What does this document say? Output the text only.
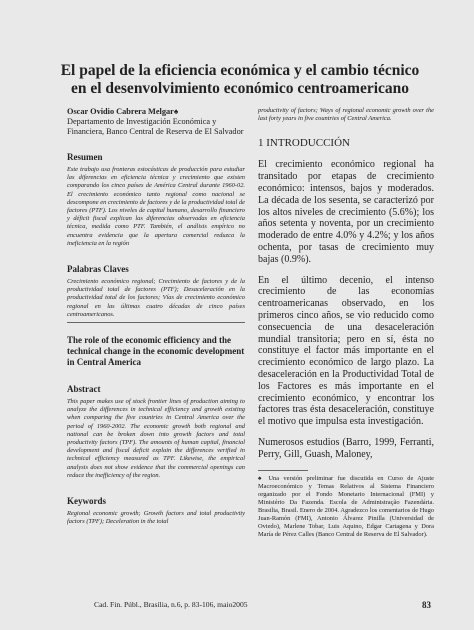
El papel de la eficiencia económica y el cambio técnico en el desenvolvimiento económico centroamericano
Oscar Ovidio Cabrera Melgar♠
Departamento de Investigación Económica y Financiera, Banco Central de Reserva de El Salvador
Resumen
Este trabajo usa fronteras estocásticas de producción para estudiar las diferencias en eficiencia técnica y crecimiento que existen comparando los cinco países de América Central durante 1960-02. El crecimiento económico tanto regional como nacional se descompone en crecimiento de factores y de la productividad total de factores (PTF). Los niveles de capital humano, desarrollo financiero y déficit fiscal explican las diferencias observadas en eficiencia técnica, medida como PTF. También, el análisis empírico no encuentra evidencia que la apertura comercial reduzca la ineficiencia en la región
Palabras Claves
Crecimiento económico regional; Crecimiento de factores y de la productividad total de factores (PTF); Desaceleración en la productividad total de los factores; Vías de crecimiento económico regional en las últimas cuatro décadas de cinco países centroamericanos.
The role of the economic efficiency and the technical change in the economic development in Central America
Abstract
This paper makes use of stock frontier lines of production aiming to analyze the differences in technical efficiency and growth existing when comparing the five countries in Central America over the period of 1960-2002. The economic growth both regional and national can be broken down into growth factors and total productivity factors (TPF). The amounts of human capital, financial development and fiscal deficit explain the differences verified in technical efficiency measured as TPF. Likewise, the empirical analysis does not show evidence that the commercial openings can reduce the inefficiency of the region.
Keywords
Regional economic growth; Growth factors and total productivity factors (TPF); Deceleration in the total
productivity of factors; Ways of regional economic growth over the last forty years in five countries of Central America.
1 INTRODUCCIÓN

El crecimiento económico regional ha transitado por etapas de crecimiento económico: intensos, bajos y moderados. La década de los sesenta, se caracterizó por los altos niveles de crecimiento (5.6%); los años setenta y noventa, por un crecimiento moderado de entre 4.0% y 4.2%; y los años ochenta, por tasas de crecimiento muy bajas (0.9%).

En el último decenio, el intenso crecimiento de las economías centroamericanas observado, en los primeros cinco años, se vio reducido como consecuencia de una desaceleración mundial transitoria; pero en sí, ésta no constituye el factor más importante en el crecimiento económico de largo plazo. La desaceleración en la Productividad Total de los Factores es más importante en el crecimiento económico, y encontrar los factores tras ésta desaceleración, constituye el motivo que impulsa esta investigación.

Numerosos estudios (Barro, 1999, Ferranti, Perry, Gill, Guash, Maloney,

♠ Una versión preliminar fue discutida en Curso de Ajuste Macroeconómico y Temas Relativos al Sistema Financiero organizado por el Fondo Monetario Internacional (FMI) y Ministério Da Fazenda. Escola de Administração Fazendária. Brasilia, Brasil. Enero de 2004. Agradezco los comentarios de Hugo Juan-Ramón (FMI), Antonio Álvarez Pinilla (Universidad de Oviedo), Marlene Tobar, Luis Aquino, Edgar Cartagena y Dora María de Pérez Calles (Banco Central de Reserva de El Salvador).
Cad. Fin. Públ., Brasília, n.6, p. 83-106, maio2005	83
